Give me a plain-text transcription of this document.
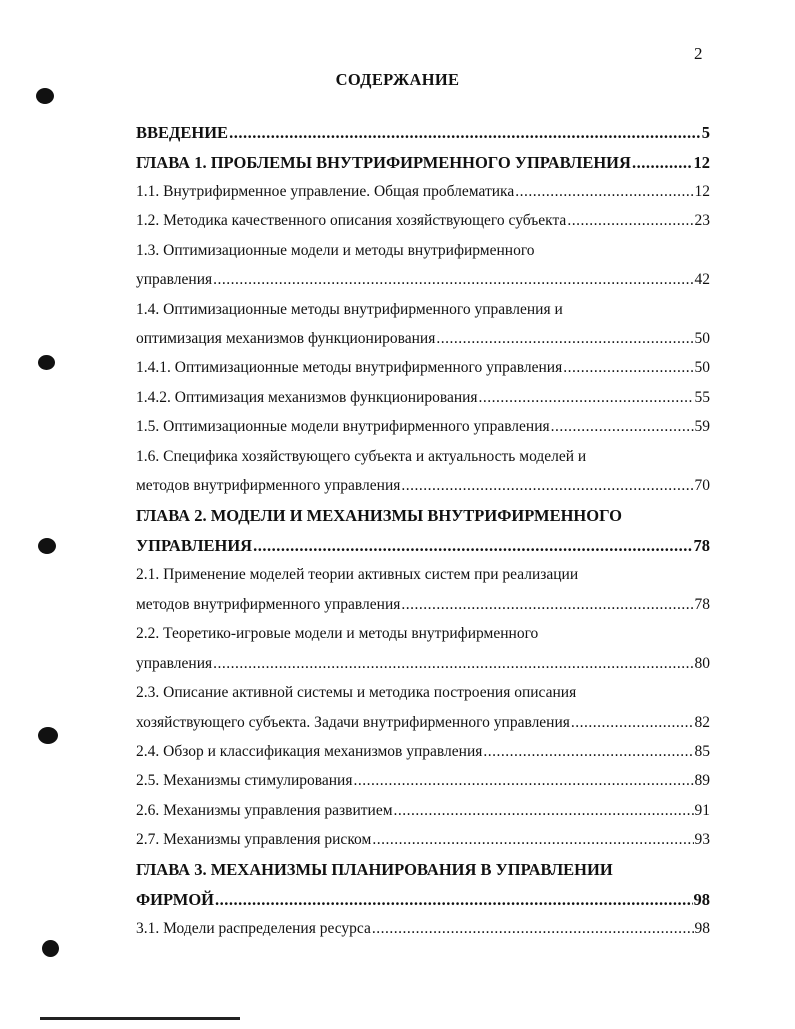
2
СОДЕРЖАНИЕ
ВВЕДЕНИЕ .....	5
ГЛАВА 1. ПРОБЛЕМЫ ВНУТРИФИРМЕННОГО УПРАВЛЕНИЯ .....	12
1.1. Внутрифирменное управление. Общая проблематика .....	12
1.2. Методика качественного описания хозяйствующего субъекта .....	23
1.3. Оптимизационные модели и методы внутрифирменного
управления .....	42
1.4. Оптимизационные методы внутрифирменного управления и
оптимизация механизмов функционирования .....	50
1.4.1. Оптимизационные методы внутрифирменного управления .....	50
1.4.2. Оптимизация механизмов функционирования .....	55
1.5. Оптимизационные модели внутрифирменного управления .....	59
1.6. Специфика хозяйствующего субъекта и актуальность моделей и
методов внутрифирменного управления .....	70
ГЛАВА 2. МОДЕЛИ И МЕХАНИЗМЫ ВНУТРИФИРМЕННОГО
УПРАВЛЕНИЯ .....	78
2.1. Применение моделей теории активных систем при реализации
методов внутрифирменного управления .....	78
2.2. Теоретико-игровые модели и методы внутрифирменного
управления .....	80
2.3. Описание активной системы и методика построения описания
хозяйствующего субъекта. Задачи внутрифирменного управления .....	82
2.4. Обзор и классификация механизмов управления .....	85
2.5. Механизмы стимулирования .....	89
2.6. Механизмы управления развитием .....	91
2.7. Механизмы управления риском .....	93
ГЛАВА 3. МЕХАНИЗМЫ ПЛАНИРОВАНИЯ В УПРАВЛЕНИИ
ФИРМОЙ .....	98
3.1. Модели распределения ресурса .....	98
